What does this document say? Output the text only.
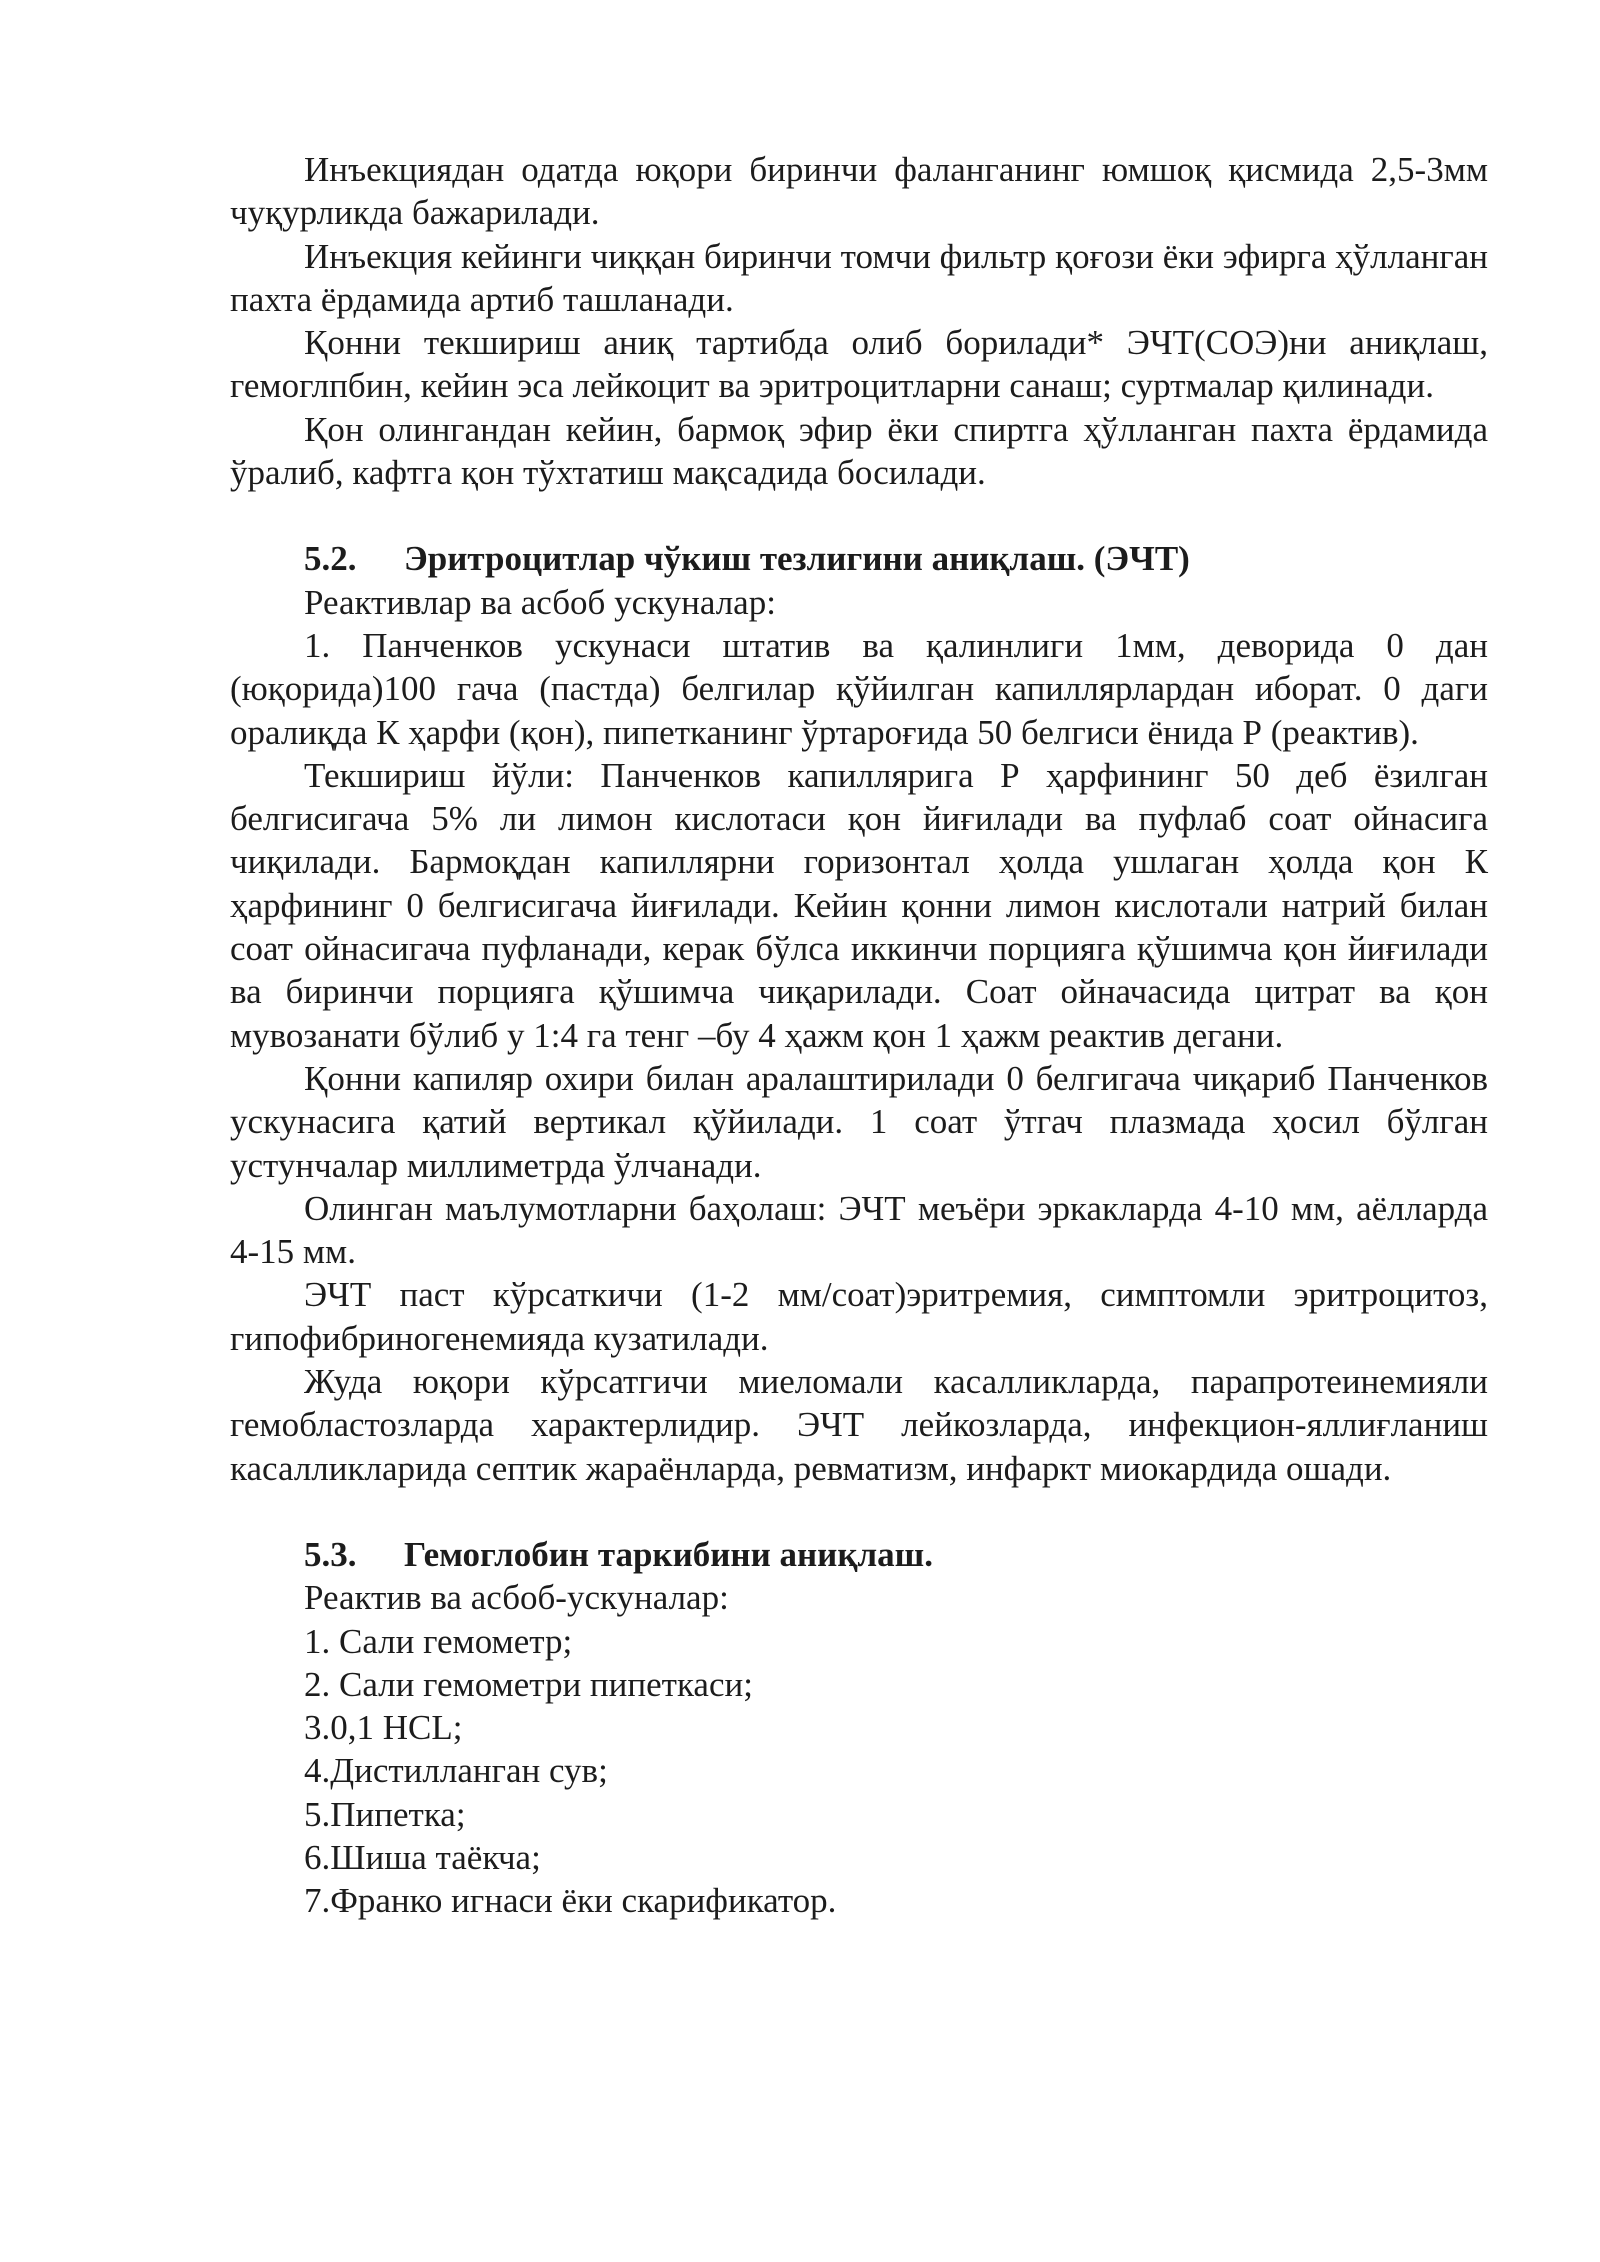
Инъекциядан одатда юқори биринчи фаланганинг юмшоқ қисмида 2,5-3мм чуқурликда бажарилади.

Инъекция кейинги чиққан биринчи томчи фильтр қоғози ёки эфирга ҳўлланган пахта ёрдамида артиб ташланади.

Қонни текшириш аниқ тартибда олиб борилади* ЭЧТ(СОЭ)ни аниқлаш, гемоглпбин, кейин эса лейкоцит ва эритроцитларни санаш; суртмалар қилинади.

Қон олингандан кейин, бармоқ эфир ёки спиртга ҳўлланган пахта ёрдамида ўралиб, кафтга қон тўхтатиш мақсадида босилади.

5.2. Эритроцитлар чўкиш тезлигини аниқлаш. (ЭЧТ)

Реактивлар ва асбоб ускуналар:

1. Панченков ускунаси штатив ва қалинлиги 1мм, деворида 0 дан (юқорида)100 гача (пастда) белгилар қўйилган капиллярлардан иборат. 0 даги оралиқда К ҳарфи (қон), пипетканинг ўртароғида 50 белгиси ёнида Р (реактив).

Текшириш йўли: Панченков капиллярига Р ҳарфининг 50 деб ёзилган белгисигача 5% ли лимон кислотаси қон йиғилади ва пуфлаб соат ойнасига чиқилади. Бармоқдан капиллярни горизонтал ҳолда ушлаган ҳолда қон К ҳарфининг 0 белгисигача йиғилади. Кейин қонни лимон кислотали натрий билан соат ойнасигача пуфланади, керак бўлса иккинчи порцияга қўшимча қон йиғилади ва биринчи порцияга қўшимча чиқарилади. Соат ойначасида цитрат ва қон мувозанати бўлиб у 1:4 га тенг –бу 4 ҳажм қон 1 ҳажм реактив дегани.

Қонни капиляр охири билан аралаштирилади 0 белгигача чиқариб Панченков ускунасига қатий вертикал қўйилади. 1 соат ўтгач плазмада ҳосил бўлган устунчалар миллиметрда ўлчанади.

Олинган маълумотларни баҳолаш: ЭЧТ меъёри эркакларда 4-10 мм, аёлларда 4-15 мм.

ЭЧТ паст кўрсаткичи (1-2 мм/соат)эритремия, симптомли эритроцитоз, гипофибриногенемияда кузатилади.

Жуда юқори кўрсатгичи миеломали касалликларда, парапротеинемияли гемобластозларда характерлидир. ЭЧТ лейкозларда, инфекцион-яллиғланиш касалликларида септик жараёнларда, ревматизм, инфаркт миокардида ошади.

5.3. Гемоглобин таркибини аниқлаш.

Реактив ва асбоб-ускуналар:

1. Сали гемометр;

2. Сали гемометри пипеткаси;

3.0,1 HCL;

4.Дистилланган сув;

5.Пипетка;

6.Шиша таёкча;

7.Франко игнаси ёки скарификатор.
